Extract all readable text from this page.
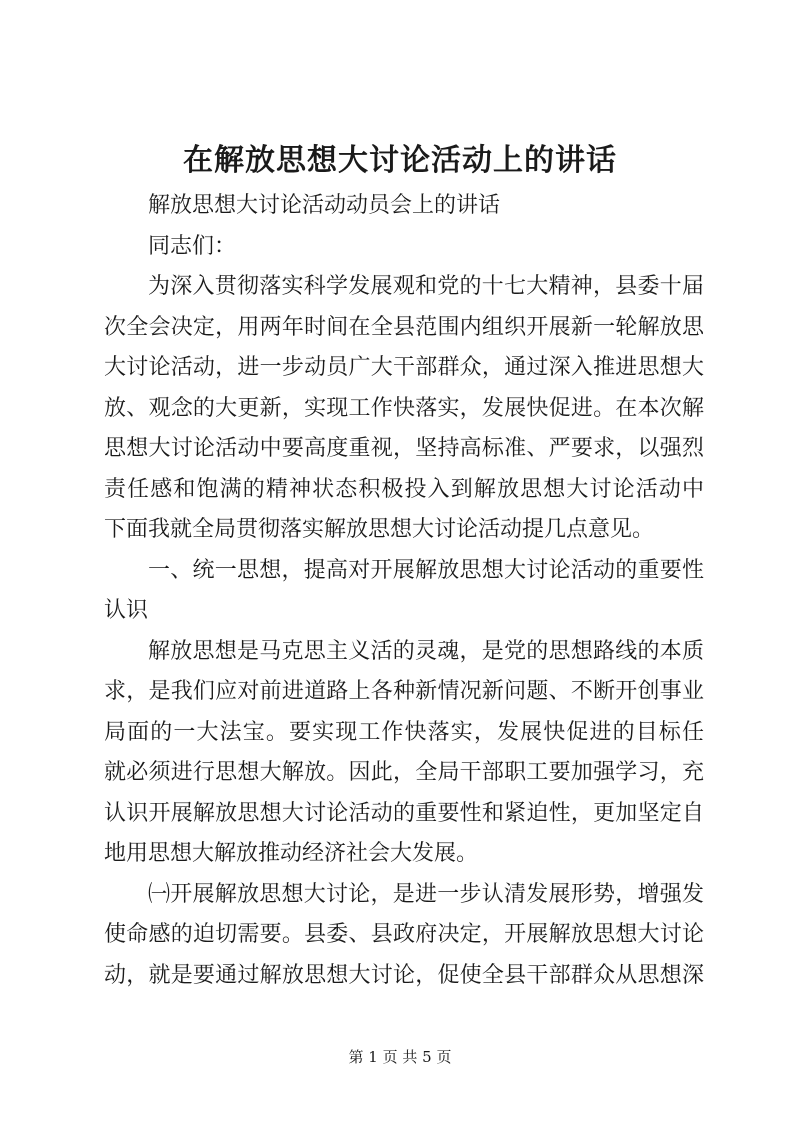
在解放思想大讨论活动上的讲话
解放思想大讨论活动动员会上的讲话
同志们：
为深入贯彻落实科学发展观和党的十七大精神，县委十届
次全会决定，用两年时间在全县范围内组织开展新一轮解放思
大讨论活动，进一步动员广大干部群众，通过深入推进思想大
放、观念的大更新，实现工作快落实，发展快促进。在本次解
思想大讨论活动中要高度重视，坚持高标准、严要求，以强烈
责任感和饱满的精神状态积极投入到解放思想大讨论活动中
下面我就全局贯彻落实解放思想大讨论活动提几点意见。
一、统一思想，提高对开展解放思想大讨论活动的重要性
认识
解放思想是马克思主义活的灵魂，是党的思想路线的本质
求，是我们应对前进道路上各种新情况新问题、不断开创事业
局面的一大法宝。要实现工作快落实，发展快促进的目标任
就必须进行思想大解放。因此，全局干部职工要加强学习，充
认识开展解放思想大讨论活动的重要性和紧迫性，更加坚定自
地用思想大解放推动经济社会大发展。
㈠开展解放思想大讨论，是进一步认清发展形势，增强发
使命感的迫切需要。县委、县政府决定，开展解放思想大讨论
动，就是要通过解放思想大讨论，促使全县干部群众从思想深
第 1 页 共 5 页
